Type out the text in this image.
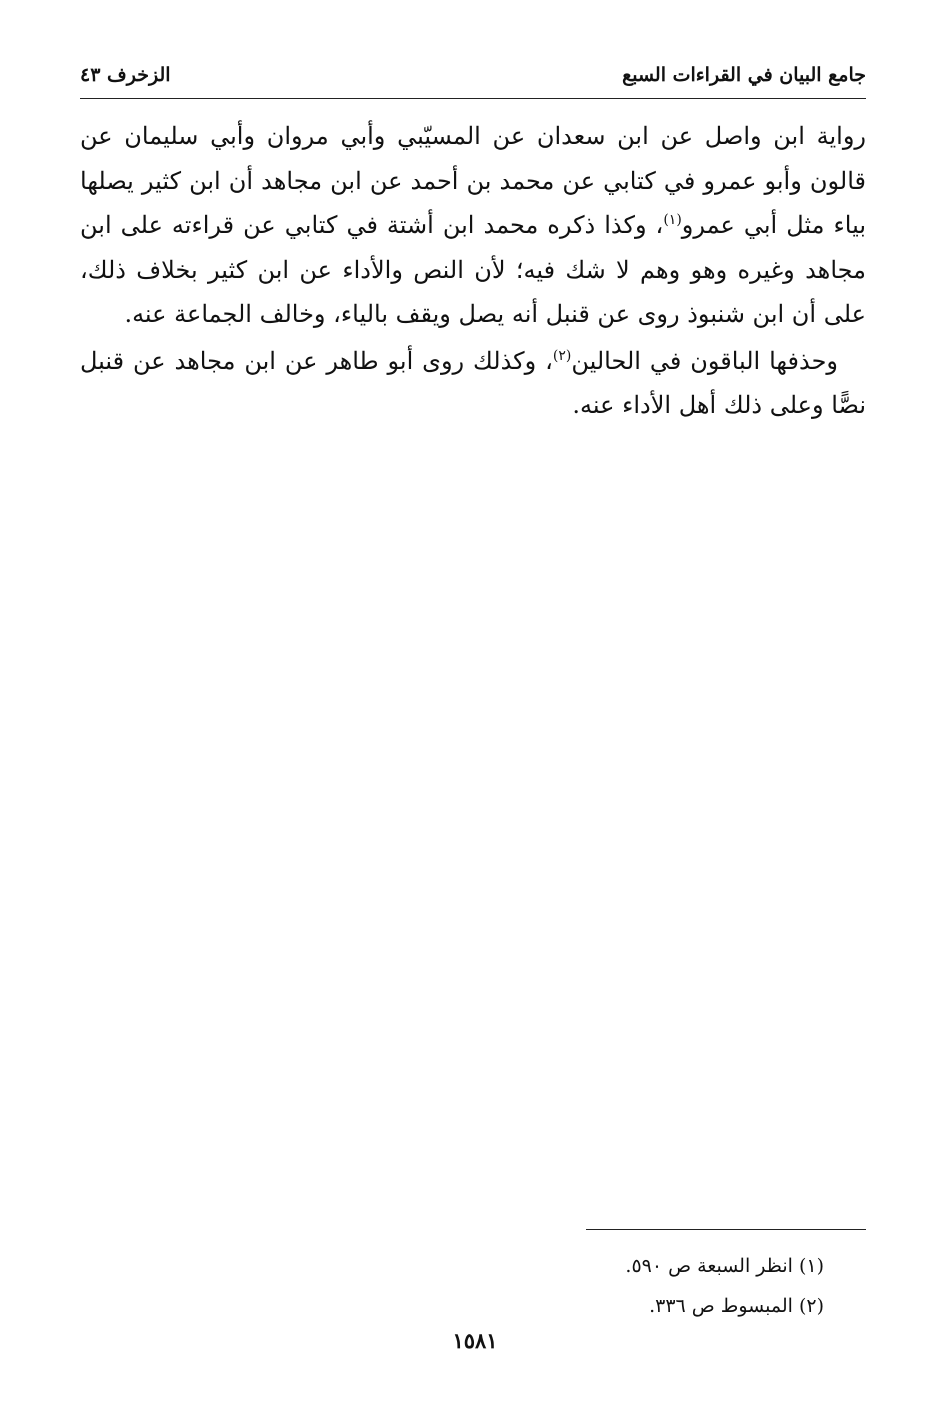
جامع البيان في القراءات السبع
الزخرف ٤٣

رواية ابن واصل عن ابن سعدان عن المسيّبي وأبي مروان وأبي سليمان عن قالون وأبو عمرو في كتابي عن محمد بن أحمد عن ابن مجاهد أن ابن كثير يصلها بياء مثل أبي عمرو$^{(١)}$، وكذا ذكره محمد ابن أشتة في كتابي عن قراءته على ابن مجاهد وغيره وهو وهم لا شك فيه؛ لأن النص والأداء عن ابن كثير بخلاف ذلك، على أن ابن شنبوذ روى عن قنبل أنه يصل ويقف بالياء، وخالف الجماعة عنه.

وحذفها الباقون في الحالين$^{(٢)}$، وكذلك روى أبو طاهر عن ابن مجاهد عن قنبل نصًّا وعلى ذلك أهل الأداء عنه.

(١) انظر السبعة ص ٥٩٠.
(٢) المبسوط ص ٣٣٦.
١٥٨١
